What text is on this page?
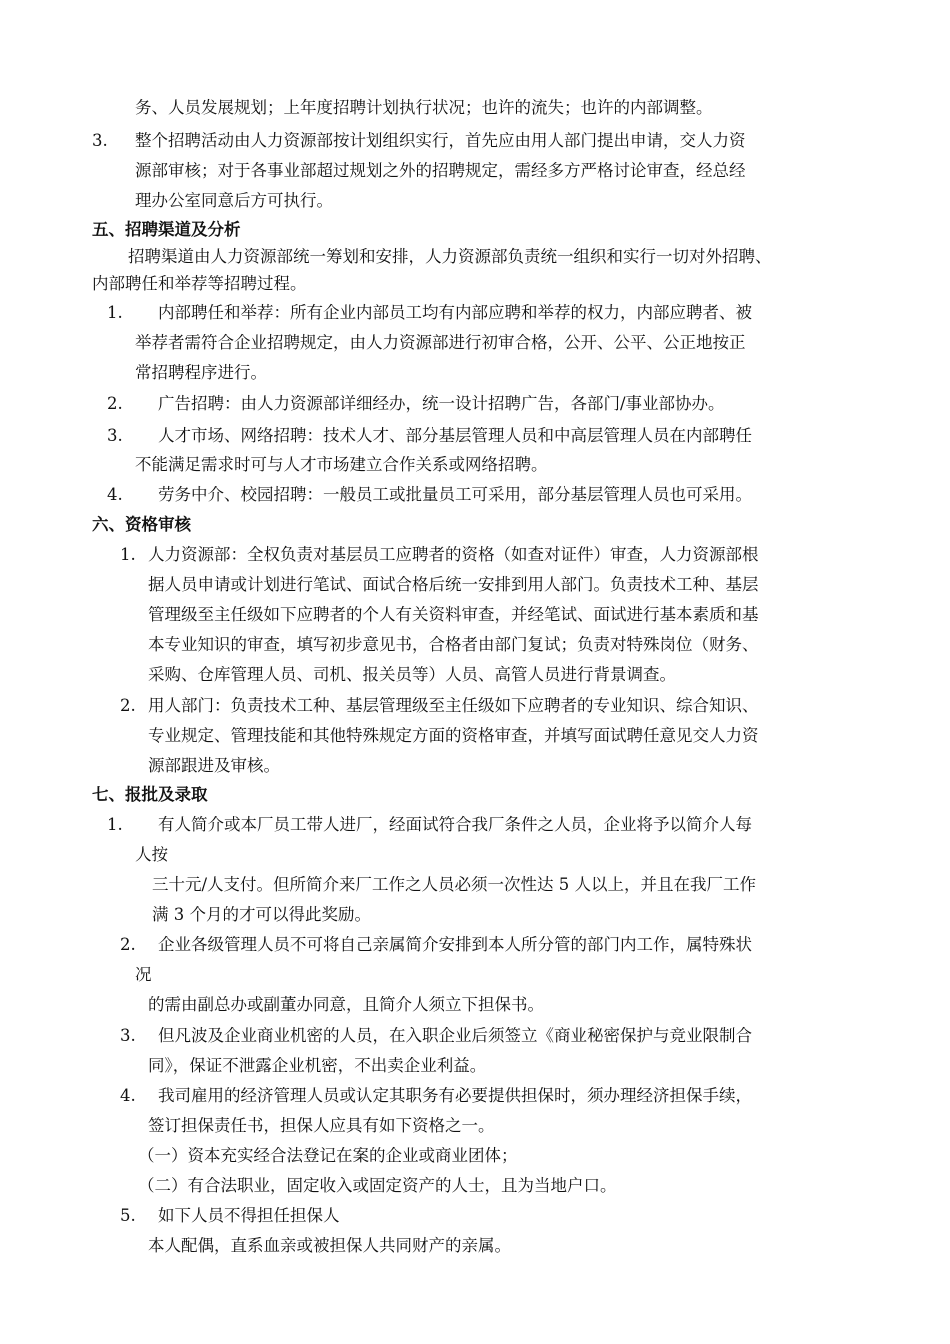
务、人员发展规划；上年度招聘计划执行状况；也许的流失；也许的内部调整。
3. 整个招聘活动由人力资源部按计划组织实行，首先应由用人部门提出申请，交人力资
源部审核；对于各事业部超过规划之外的招聘规定，需经多方严格讨论审查，经总经
理办公室同意后方可执行。
五、招聘渠道及分析
招聘渠道由人力资源部统一筹划和安排，人力资源部负责统一组织和实行一切对外招聘、
内部聘任和举荐等招聘过程。
1. 内部聘任和举荐：所有企业内部员工均有内部应聘和举荐的权力，内部应聘者、被
举荐者需符合企业招聘规定，由人力资源部进行初审合格，公开、公平、公正地按正
常招聘程序进行。
2. 广告招聘：由人力资源部详细经办，统一设计招聘广告，各部门/事业部协办。
3. 人才市场、网络招聘：技术人才、部分基层管理人员和中高层管理人员在内部聘任
不能满足需求时可与人才市场建立合作关系或网络招聘。
4. 劳务中介、校园招聘：一般员工或批量员工可采用，部分基层管理人员也可采用。
六、资格审核
1. 人力资源部：全权负责对基层员工应聘者的资格（如查对证件）审查，人力资源部根
据人员申请或计划进行笔试、面试合格后统一安排到用人部门。负责技术工种、基层
管理级至主任级如下应聘者的个人有关资料审查，并经笔试、面试进行基本素质和基
本专业知识的审查，填写初步意见书，合格者由部门复试；负责对特殊岗位（财务、
采购、仓库管理人员、司机、报关员等）人员、高管人员进行背景调查。
2. 用人部门：负责技术工种、基层管理级至主任级如下应聘者的专业知识、综合知识、
专业规定、管理技能和其他特殊规定方面的资格审查，并填写面试聘任意见交人力资
源部跟进及审核。
七、报批及录取
1. 有人简介或本厂员工带人进厂，经面试符合我厂条件之人员，企业将予以简介人每
人按
三十元/人支付。但所简介来厂工作之人员必须一次性达 5 人以上，并且在我厂工作
满 3 个月的才可以得此奖励。
2. 企业各级管理人员不可将自己亲属简介安排到本人所分管的部门内工作，属特殊状
况
的需由副总办或副董办同意，且简介人须立下担保书。
3. 但凡波及企业商业机密的人员，在入职企业后须签立《商业秘密保护与竞业限制合
同》，保证不泄露企业机密，不出卖企业利益。
4. 我司雇用的经济管理人员或认定其职务有必要提供担保时，须办理经济担保手续，
签订担保责任书，担保人应具有如下资格之一。
（一）资本充实经合法登记在案的企业或商业团体；
（二）有合法职业，固定收入或固定资产的人士，且为当地户口。
5. 如下人员不得担任担保人
本人配偶，直系血亲或被担保人共同财产的亲属。
